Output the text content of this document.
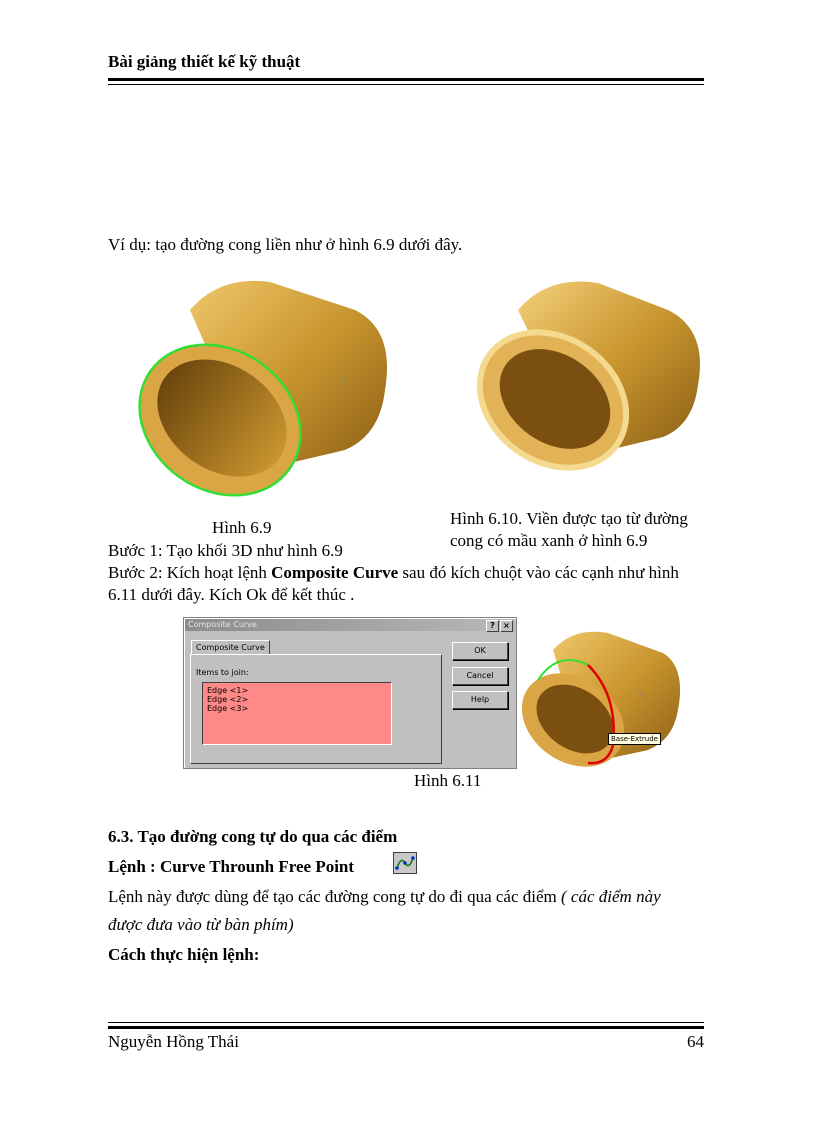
Bài giảng thiết kế kỹ thuật
Ví dụ: tạo đường cong liền như ở hình 6.9 dưới đây.
Hình 6.9	Hình 6.10. Viền được tạo từ đường
cong có mầu xanh ở hình 6.9
Bước 1: Tạo khối 3D như hình 6.9
Bước 2: Kích hoạt lệnh Composite Curve sau đó kích chuột vào các cạnh như hình
6.11 dưới đây. Kích Ok để kết thúc .
Composite Curve	?	×
Composite Curve
Items to join:
Edge <1>
Edge <2>
Edge <3>
OK
Cancel
Help
Base-Extrude
Hình 6.11
6.3. Tạo đường cong tự do qua các điểm
Lệnh : Curve Throunh Free Point
Lệnh này được dùng để tạo các đường cong tự do đi qua các điểm ( các điểm này
được đưa vào từ bàn phím)
Cách thực hiện lệnh:
Nguyễn Hồng Thái	64
